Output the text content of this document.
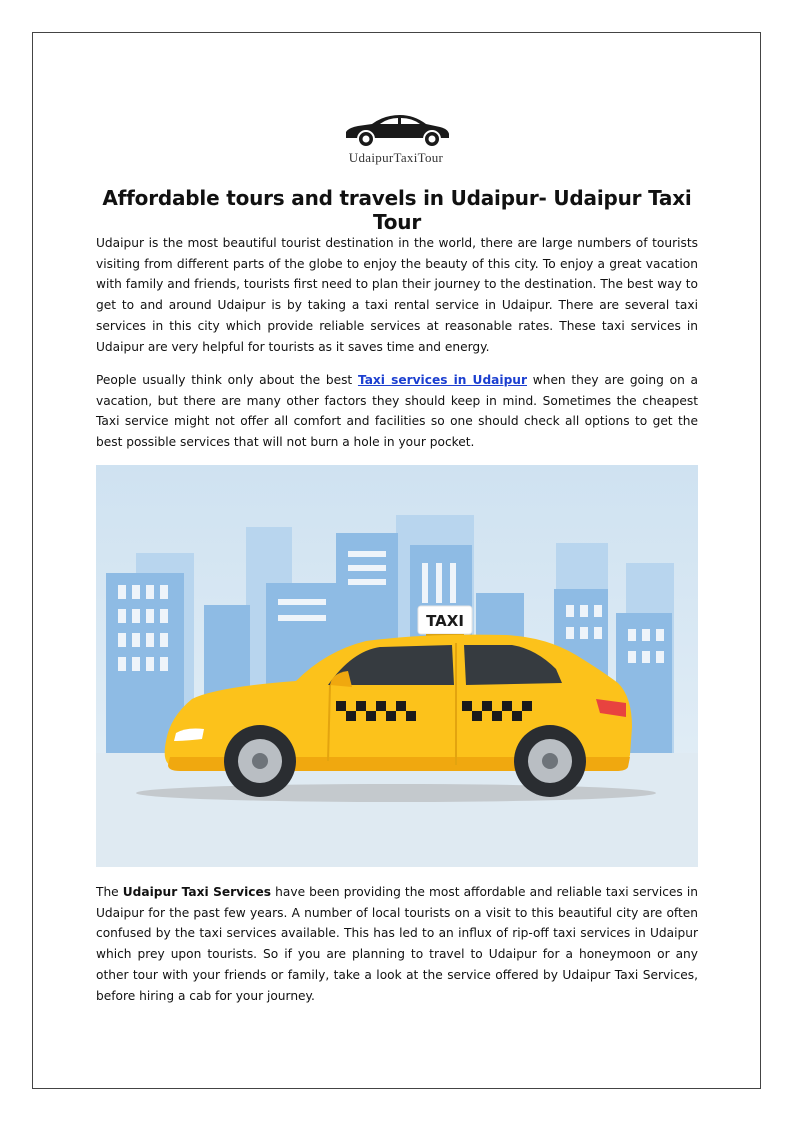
UdaipurTaxiTour
Affordable tours and travels in Udaipur- Udaipur Taxi Tour

Udaipur is the most beautiful tourist destination in the world, there are large numbers of tourists visiting from different parts of the globe to enjoy the beauty of this city. To enjoy a great vacation with family and friends, tourists first need to plan their journey to the destination. The best way to get to and around Udaipur is by taking a taxi rental service in Udaipur. There are several taxi services in this city which provide reliable services at reasonable rates. These taxi services in Udaipur are very helpful for tourists as it saves time and energy.

People usually think only about the best Taxi services in Udaipur when they are going on a vacation, but there are many other factors they should keep in mind. Sometimes the cheapest Taxi service might not offer all comfort and facilities so one should check all options to get the best possible services that will not burn a hole in your pocket.

TAXI

The Udaipur Taxi Services have been providing the most affordable and reliable taxi services in Udaipur for the past few years. A number of local tourists on a visit to this beautiful city are often confused by the taxi services available. This has led to an influx of rip-off taxi services in Udaipur which prey upon tourists. So if you are planning to travel to Udaipur for a honeymoon or any other tour with your friends or family, take a look at the service offered by Udaipur Taxi Services, before hiring a cab for your journey.
